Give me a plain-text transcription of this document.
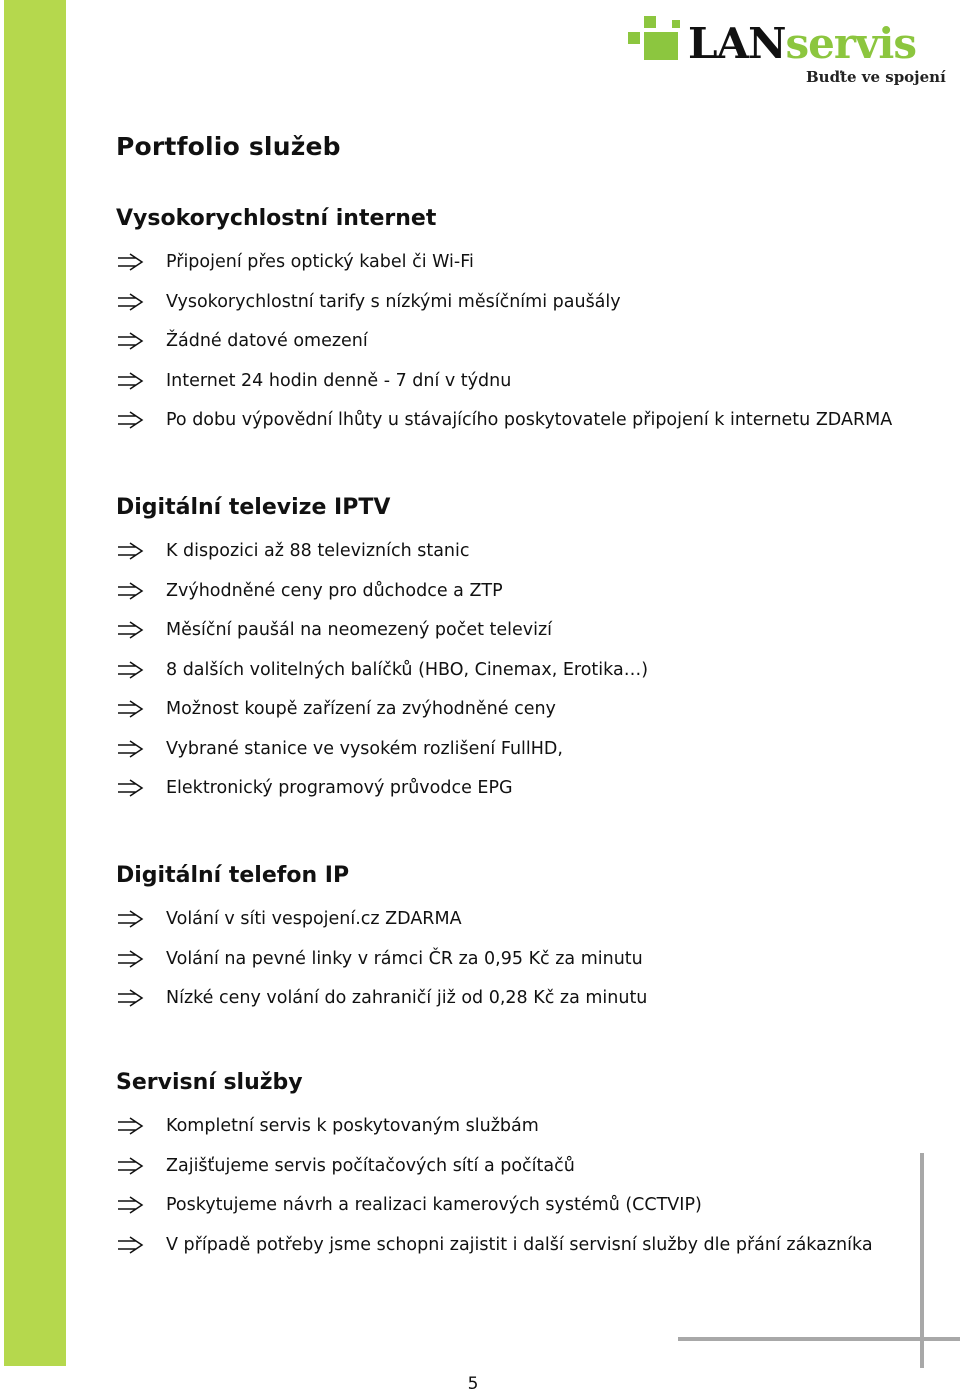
LANservis
Buďte ve spojení
Portfolio služeb
Vysokorychlostní internet
Připojení přes optický kabel či Wi-Fi
Vysokorychlostní tarify s nízkými měsíčními paušály
Žádné datové omezení
Internet 24 hodin denně - 7 dní v týdnu
Po dobu výpovědní lhůty u stávajícího poskytovatele připojení k internetu ZDARMA
Digitální televize IPTV
K dispozici až 88 televizních stanic
Zvýhodněné ceny pro důchodce a ZTP
Měsíční paušál na neomezený počet televizí
8 dalších volitelných balíčků (HBO, Cinemax, Erotika…)
Možnost koupě zařízení za zvýhodněné ceny
Vybrané stanice ve vysokém rozlišení FullHD,
Elektronický programový průvodce EPG
Digitální telefon IP
Volání v síti vespojení.cz ZDARMA
Volání na pevné linky v rámci ČR za 0,95 Kč za minutu
Nízké ceny volání do zahraničí již od 0,28 Kč za minutu
Servisní služby
Kompletní servis k poskytovaným službám
Zajišťujeme servis počítačových sítí a počítačů
Poskytujeme návrh a realizaci kamerových systémů (CCTVIP)
V případě potřeby jsme schopni zajistit i další servisní služby dle přání zákazníka
5
